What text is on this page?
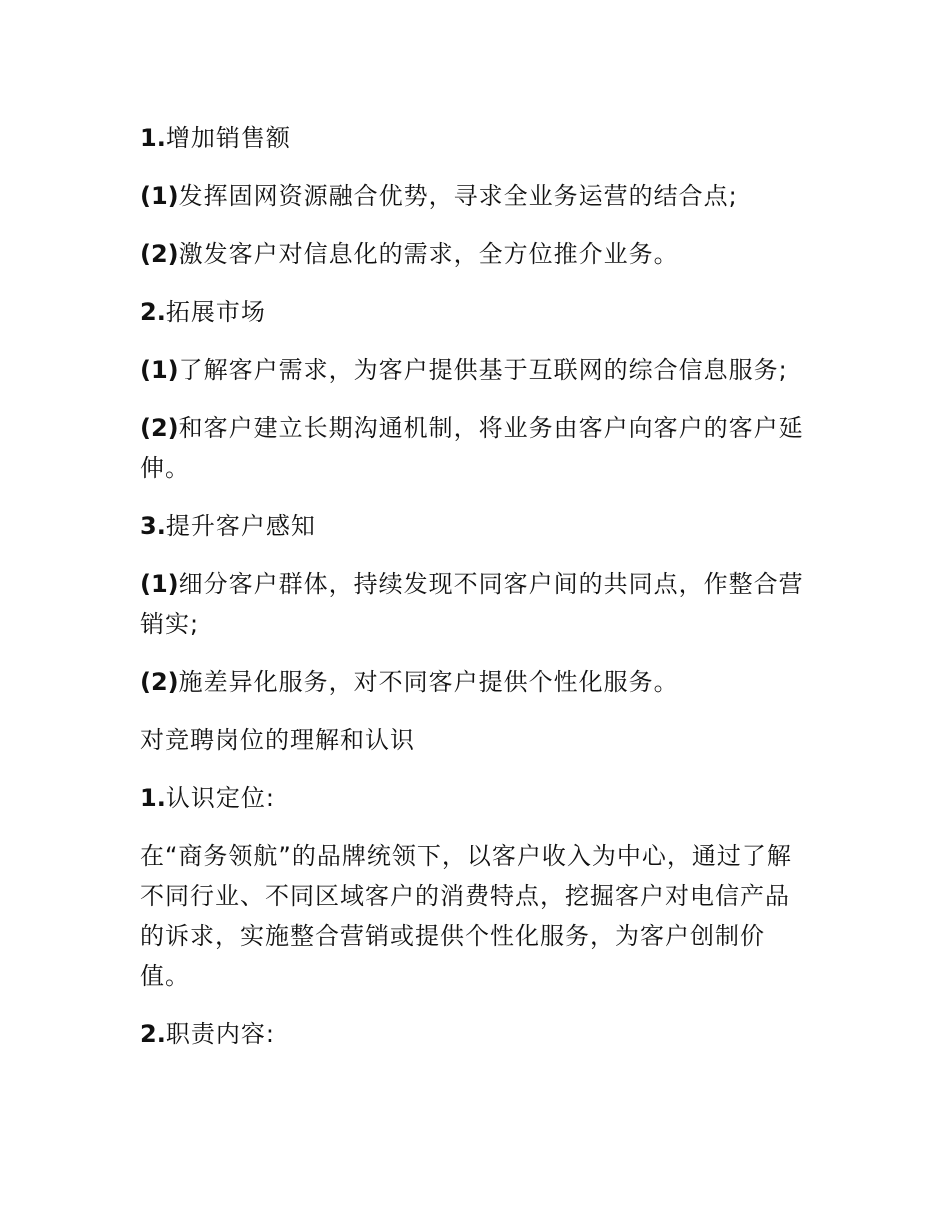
1.增加销售额

(1)发挥固网资源融合优势，寻求全业务运营的结合点;

(2)激发客户对信息化的需求，全方位推介业务。

2.拓展市场

(1)了解客户需求，为客户提供基于互联网的综合信息服务;

(2)和客户建立长期沟通机制，将业务由客户向客户的客户延伸。

3.提升客户感知

(1)细分客户群体，持续发现不同客户间的共同点，作整合营销实;

(2)施差异化服务，对不同客户提供个性化服务。

对竞聘岗位的理解和认识

1.认识定位:

在“商务领航”的品牌统领下，以客户收入为中心，通过了解不同行业、不同区域客户的消费特点，挖掘客户对电信产品的诉求，实施整合营销或提供个性化服务，为客户创制价值。

2.职责内容:
